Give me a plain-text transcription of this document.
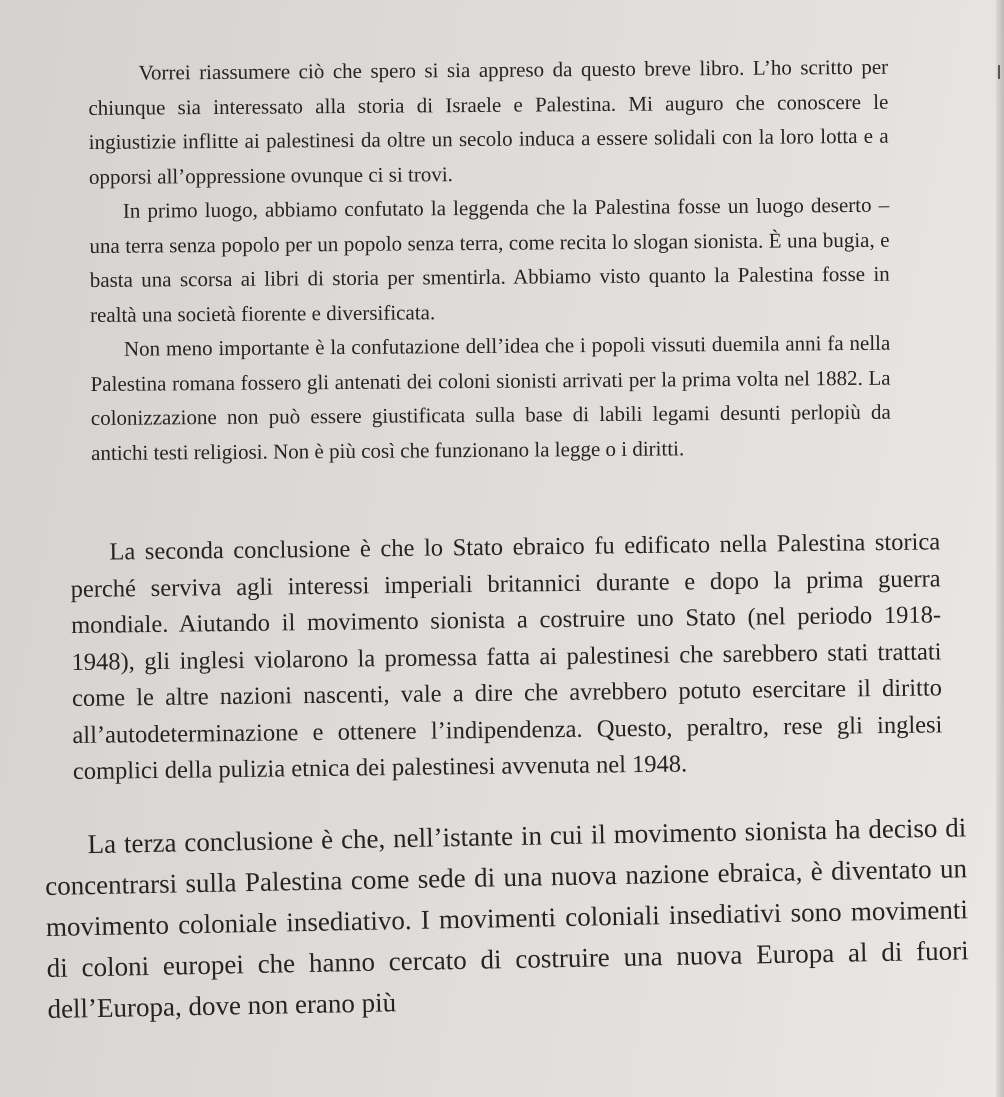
Vorrei riassumere ciò che spero si sia appreso da questo breve libro. L’ho scritto per chiunque sia interessato alla storia di Israele e Palestina. Mi auguro che conoscere le ingiustizie inflitte ai palestinesi da oltre un secolo induca a essere solidali con la loro lotta e a opporsi all’oppressione ovunque ci si trovi.

In primo luogo, abbiamo confutato la leggenda che la Palestina fosse un luogo deserto – una terra senza popolo per un popolo senza terra, come recita lo slogan sionista. È una bugia, e basta una scorsa ai libri di storia per smentirla. Abbiamo visto quanto la Palestina fosse in realtà una società fiorente e diversificata.

Non meno importante è la confutazione dell’idea che i popoli vissuti duemila anni fa nella Palestina romana fossero gli antenati dei coloni sionisti arrivati per la prima volta nel 1882. La colonizzazione non può essere giustificata sulla base di labili legami desunti perlopiù da antichi testi religiosi. Non è più così che funzionano la legge o i diritti.

La seconda conclusione è che lo Stato ebraico fu edificato nella Palestina storica perché serviva agli interessi imperiali britannici durante e dopo la prima guerra mondiale. Aiutando il movimento sionista a costruire uno Stato (nel periodo 1918-1948), gli inglesi violarono la promessa fatta ai palestinesi che sarebbero stati trattati come le altre nazioni nascenti, vale a dire che avrebbero potuto esercitare il diritto all’autodeterminazione e ottenere l’indipendenza. Questo, peraltro, rese gli inglesi complici della pulizia etnica dei palestinesi avvenuta nel 1948.

La terza conclusione è che, nell’istante in cui il movimento sionista ha deciso di concentrarsi sulla Palestina come sede di una nuova nazione ebraica, è diventato un movimento coloniale insediativo. I movimenti coloniali insediativi sono movimenti di coloni europei che hanno cercato di costruire una nuova Europa al di fuori dell’Europa, dove non erano più
